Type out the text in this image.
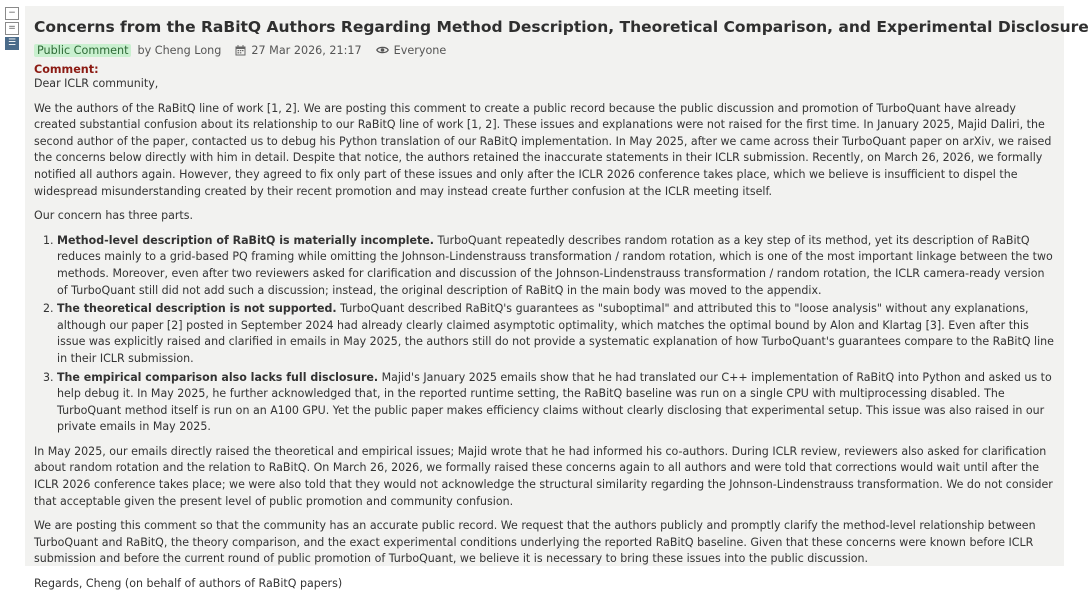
−
=
☰
Concerns from the RaBitQ Authors Regarding Method Description, Theoretical Comparison, and Experimental Disclosure
Public Comment by Cheng Long	27 Mar 2026, 21:17	Everyone
Comment:

Dear ICLR community,

We the authors of the RaBitQ line of work [1, 2]. We are posting this comment to create a public record because the public discussion and promotion of TurboQuant have already created substantial confusion about its relationship to our RaBitQ line of work [1, 2]. These issues and explanations were not raised for the first time. In January 2025, Majid Daliri, the second author of the paper, contacted us to debug his Python translation of our RaBitQ implementation. In May 2025, after we came across their TurboQuant paper on arXiv, we raised the concerns below directly with him in detail. Despite that notice, the authors retained the inaccurate statements in their ICLR submission. Recently, on March 26, 2026, we formally notified all authors again. However, they agreed to fix only part of these issues and only after the ICLR 2026 conference takes place, which we believe is insufficient to dispel the widespread misunderstanding created by their recent promotion and may instead create further confusion at the ICLR meeting itself.

Our concern has three parts.

1. Method-level description of RaBitQ is materially incomplete. TurboQuant repeatedly describes random rotation as a key step of its method, yet its description of RaBitQ reduces mainly to a grid-based PQ framing while omitting the Johnson-Lindenstrauss transformation / random rotation, which is one of the most important linkage between the two methods. Moreover, even after two reviewers asked for clarification and discussion of the Johnson-Lindenstrauss transformation / random rotation, the ICLR camera-ready version of TurboQuant still did not add such a discussion; instead, the original description of RaBitQ in the main body was moved to the appendix.
2. The theoretical description is not supported. TurboQuant described RaBitQ's guarantees as "suboptimal" and attributed this to "loose analysis" without any explanations, although our paper [2] posted in September 2024 had already clearly claimed asymptotic optimality, which matches the optimal bound by Alon and Klartag [3]. Even after this issue was explicitly raised and clarified in emails in May 2025, the authors still do not provide a systematic explanation of how TurboQuant's guarantees compare to the RaBitQ line in their ICLR submission.
3. The empirical comparison also lacks full disclosure. Majid's January 2025 emails show that he had translated our C++ implementation of RaBitQ into Python and asked us to help debug it. In May 2025, he further acknowledged that, in the reported runtime setting, the RaBitQ baseline was run on a single CPU with multiprocessing disabled. The TurboQuant method itself is run on an A100 GPU. Yet the public paper makes efficiency claims without clearly disclosing that experimental setup. This issue was also raised in our private emails in May 2025.

In May 2025, our emails directly raised the theoretical and empirical issues; Majid wrote that he had informed his co-authors. During ICLR review, reviewers also asked for clarification about random rotation and the relation to RaBitQ. On March 26, 2026, we formally raised these concerns again to all authors and were told that corrections would wait until after the ICLR 2026 conference takes place; we were also told that they would not acknowledge the structural similarity regarding the Johnson-Lindenstrauss transformation. We do not consider that acceptable given the present level of public promotion and community confusion.

We are posting this comment so that the community has an accurate public record. We request that the authors publicly and promptly clarify the method-level relationship between TurboQuant and RaBitQ, the theory comparison, and the exact experimental conditions underlying the reported RaBitQ baseline. Given that these concerns were known before ICLR submission and before the current round of public promotion of TurboQuant, we believe it is necessary to bring these issues into the public discussion.

Regards, Cheng (on behalf of authors of RaBitQ papers)
